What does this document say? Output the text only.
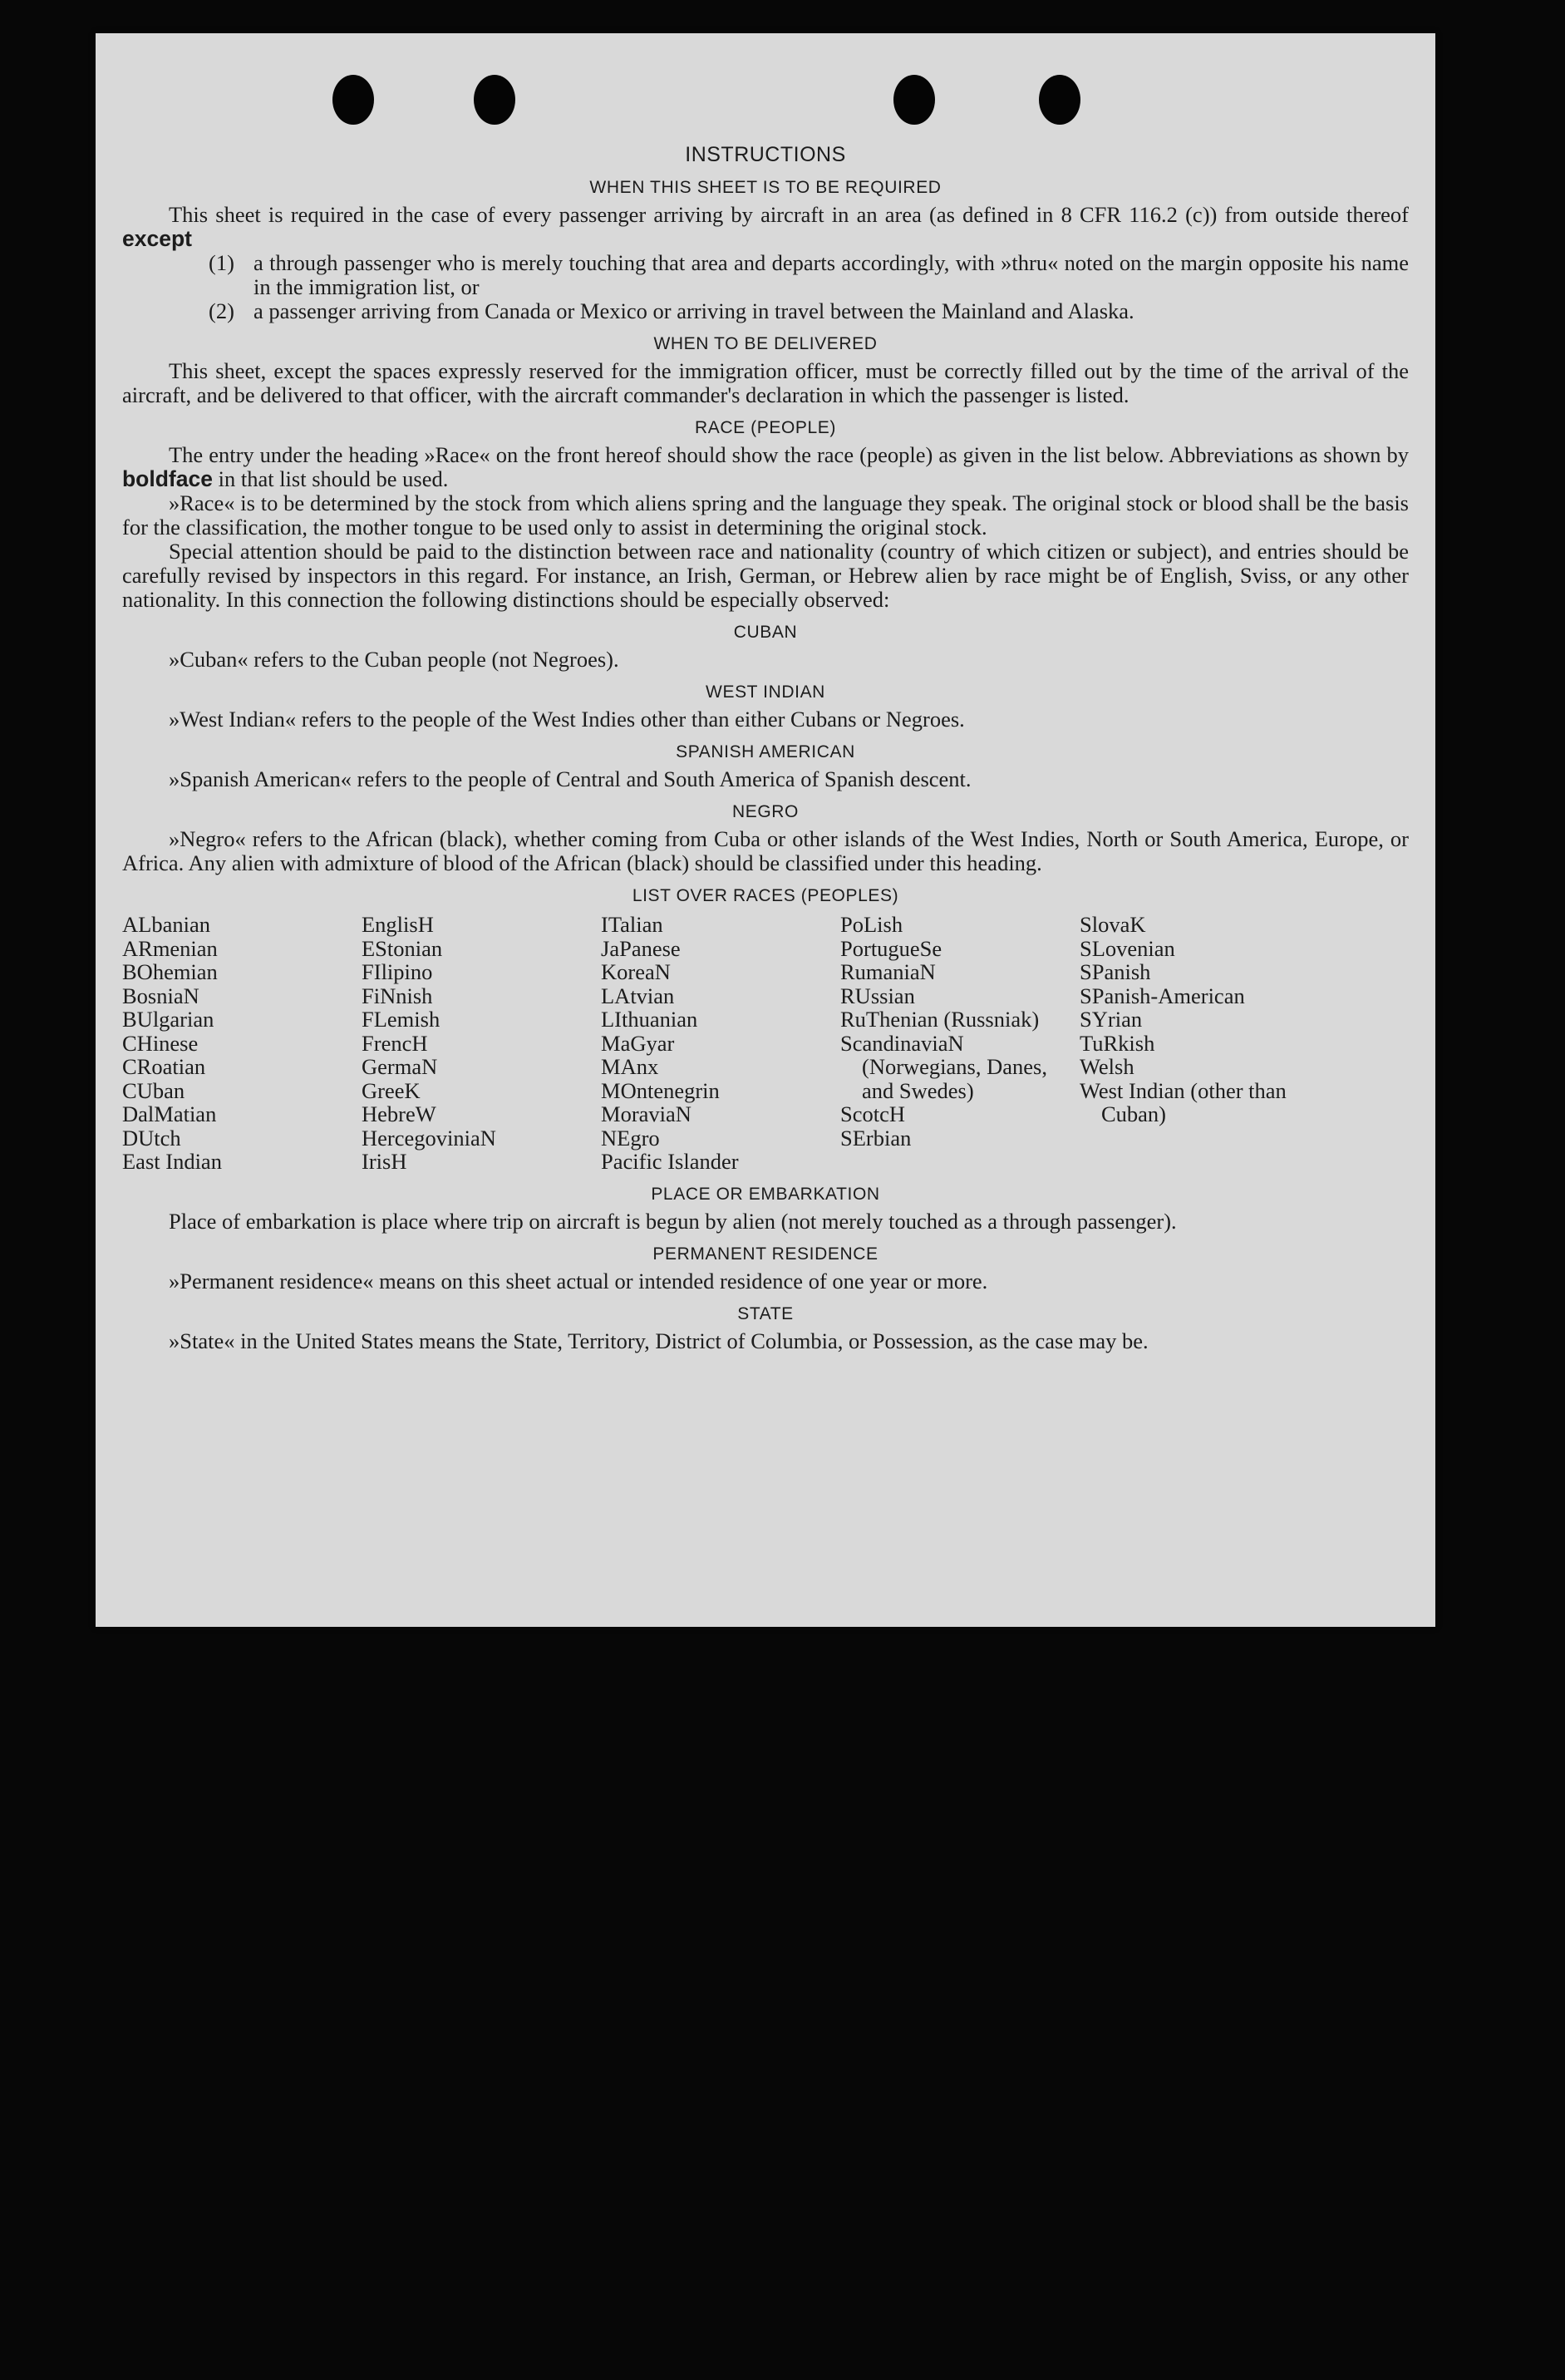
INSTRUCTIONS
WHEN THIS SHEET IS TO BE REQUIRED

This sheet is required in the case of every passenger arriving by aircraft in an area (as defined in 8 CFR 116.2 (c)) from outside thereof except

(1) a through passenger who is merely touching that area and departs accordingly, with »thru« noted on the margin opposite his name in the immigration list, or
(2) a passenger arriving from Canada or Mexico or arriving in travel between the Mainland and Alaska.
WHEN TO BE DELIVERED

This sheet, except the spaces expressly reserved for the immigration officer, must be correctly filled out by the time of the arrival of the aircraft, and be delivered to that officer, with the aircraft commander's declaration in which the passenger is listed.

RACE (PEOPLE)

The entry under the heading »Race« on the front hereof should show the race (people) as given in the list below. Abbreviations as shown by boldface in that list should be used.

»Race« is to be determined by the stock from which aliens spring and the language they speak. The original stock or blood shall be the basis for the classification, the mother tongue to be used only to assist in determining the original stock.

Special attention should be paid to the distinction between race and nationality (country of which citizen or subject), and entries should be carefully revised by inspectors in this regard. For instance, an Irish, German, or Hebrew alien by race might be of English, Sviss, or any other nationality. In this connection the following distinctions should be especially observed:

CUBAN

»Cuban« refers to the Cuban people (not Negroes).

WEST INDIAN

»West Indian« refers to the people of the West Indies other than either Cubans or Negroes.

SPANISH AMERICAN

»Spanish American« refers to the people of Central and South America of Spanish descent.

NEGRO

»Negro« refers to the African (black), whether coming from Cuba or other islands of the West Indies, North or South America, Europe, or Africa. Any alien with admixture of blood of the African (black) should be classified under this heading.

LIST OVER RACES (PEOPLES)
ALbanian
ARmenian
BOhemian
BosniaN
BUlgarian
CHinese
CRoatian
CUban
DalMatian
DUtch
East Indian
EnglisH
EStonian
FIlipino
FiNnish
FLemish
FrencH
GermaN
GreeK
HebreW
HercegoviniaN
IrisH
ITalian
JaPanese
KoreaN
LAtvian
LIthuanian
MaGyar
MAnx
MOntenegrin
MoraviaN
NEgro
Pacific Islander
PoLish
PortugueSe
RumaniaN
RUssian
RuThenian (Russniak)
ScandinaviaN (Norwegians, Danes, and Swedes)
ScotcH
SErbian
SlovaK
SLovenian
SPanish
SPanish-American
SYrian
TuRkish
Welsh
West Indian (other than Cuban)
PLACE OR EMBARKATION

Place of embarkation is place where trip on aircraft is begun by alien (not merely touched as a through passenger).

PERMANENT RESIDENCE

»Permanent residence« means on this sheet actual or intended residence of one year or more.

STATE

»State« in the United States means the State, Territory, District of Columbia, or Possession, as the case may be.
